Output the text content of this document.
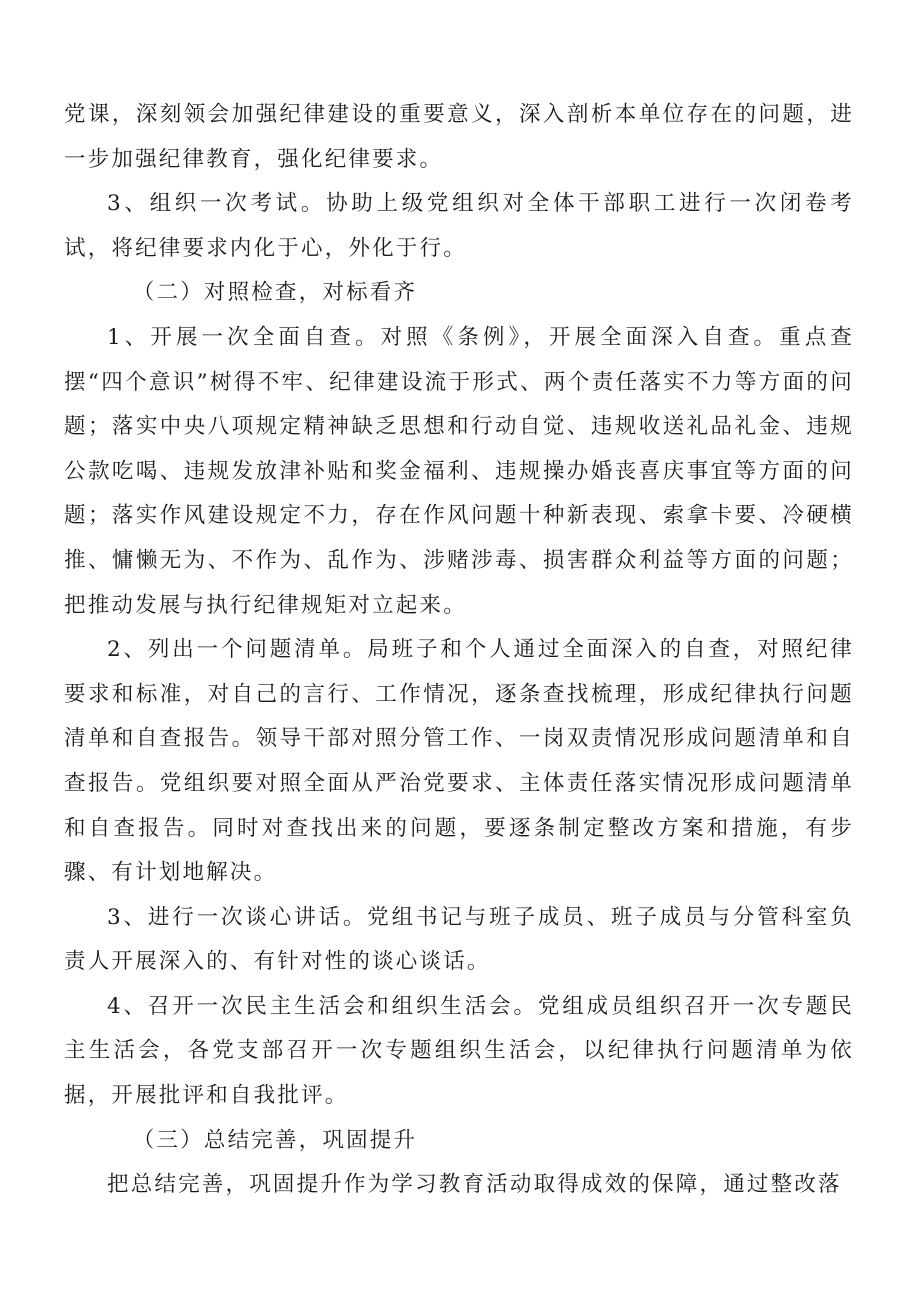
党课，深刻领会加强纪律建设的重要意义，深入剖析本单位存在的问题，进一步加强纪律教育，强化纪律要求。

3、组织一次考试。协助上级党组织对全体干部职工进行一次闭卷考试，将纪律要求内化于心，外化于行。

（二）对照检查，对标看齐

1、开展一次全面自查。对照《条例》，开展全面深入自查。重点查摆“四个意识”树得不牢、纪律建设流于形式、两个责任落实不力等方面的问题；落实中央八项规定精神缺乏思想和行动自觉、违规收送礼品礼金、违规公款吃喝、违规发放津补贴和奖金福利、违规操办婚丧喜庆事宜等方面的问题；落实作风建设规定不力，存在作风问题十种新表现、索拿卡要、冷硬横推、慵懒无为、不作为、乱作为、涉赌涉毒、损害群众利益等方面的问题；把推动发展与执行纪律规矩对立起来。

2、列出一个问题清单。局班子和个人通过全面深入的自查，对照纪律要求和标准，对自己的言行、工作情况，逐条查找梳理，形成纪律执行问题清单和自查报告。领导干部对照分管工作、一岗双责情况形成问题清单和自查报告。党组织要对照全面从严治党要求、主体责任落实情况形成问题清单和自查报告。同时对查找出来的问题，要逐条制定整改方案和措施，有步骤、有计划地解决。

3、进行一次谈心讲话。党组书记与班子成员、班子成员与分管科室负责人开展深入的、有针对性的谈心谈话。

4、召开一次民主生活会和组织生活会。党组成员组织召开一次专题民主生活会，各党支部召开一次专题组织生活会，以纪律执行问题清单为依据，开展批评和自我批评。

（三）总结完善，巩固提升

把总结完善，巩固提升作为学习教育活动取得成效的保障，通过整改落
